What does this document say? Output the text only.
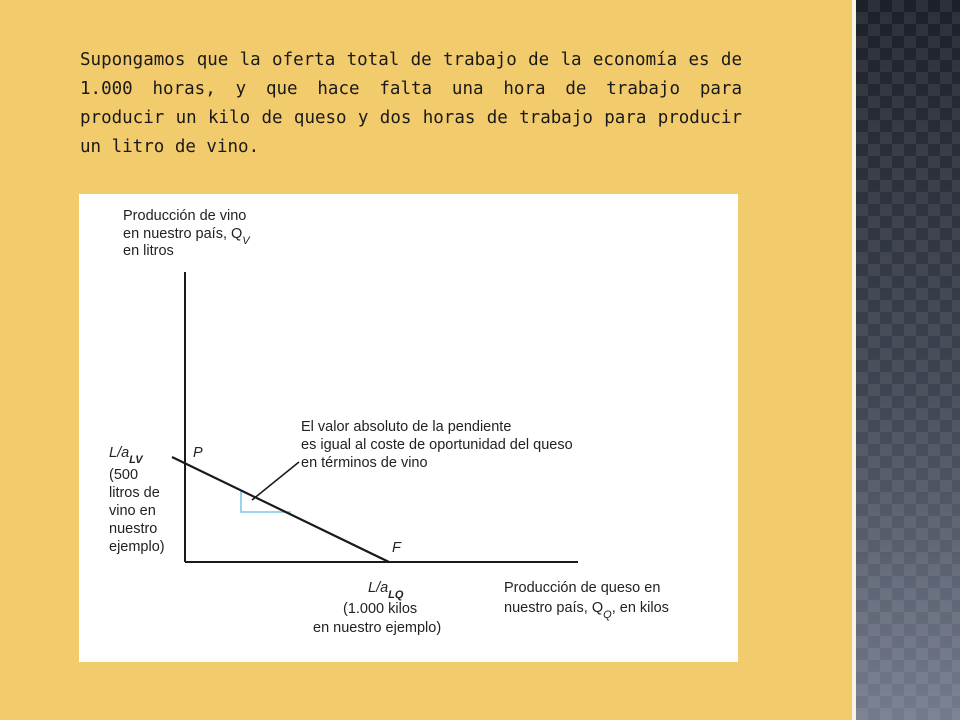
Supongamos que la oferta total de trabajo de la economía es de 1.000 horas, y que hace falta una hora de trabajo para producir un kilo de queso y dos horas de trabajo para producir un litro de vino.

Producción de vino
en nuestro país, $Q_V$
en litros
El valor absoluto de la pendiente
es igual al coste de oportunidad del queso
en términos de vino
P
F
$L/a_{LV}$
(500
litros de
vino en
nuestro
ejemplo)
$L/a_{LQ}$
(1.000 kilos
en nuestro ejemplo)
Producción de queso en
nuestro país, $Q_Q$, en kilos
